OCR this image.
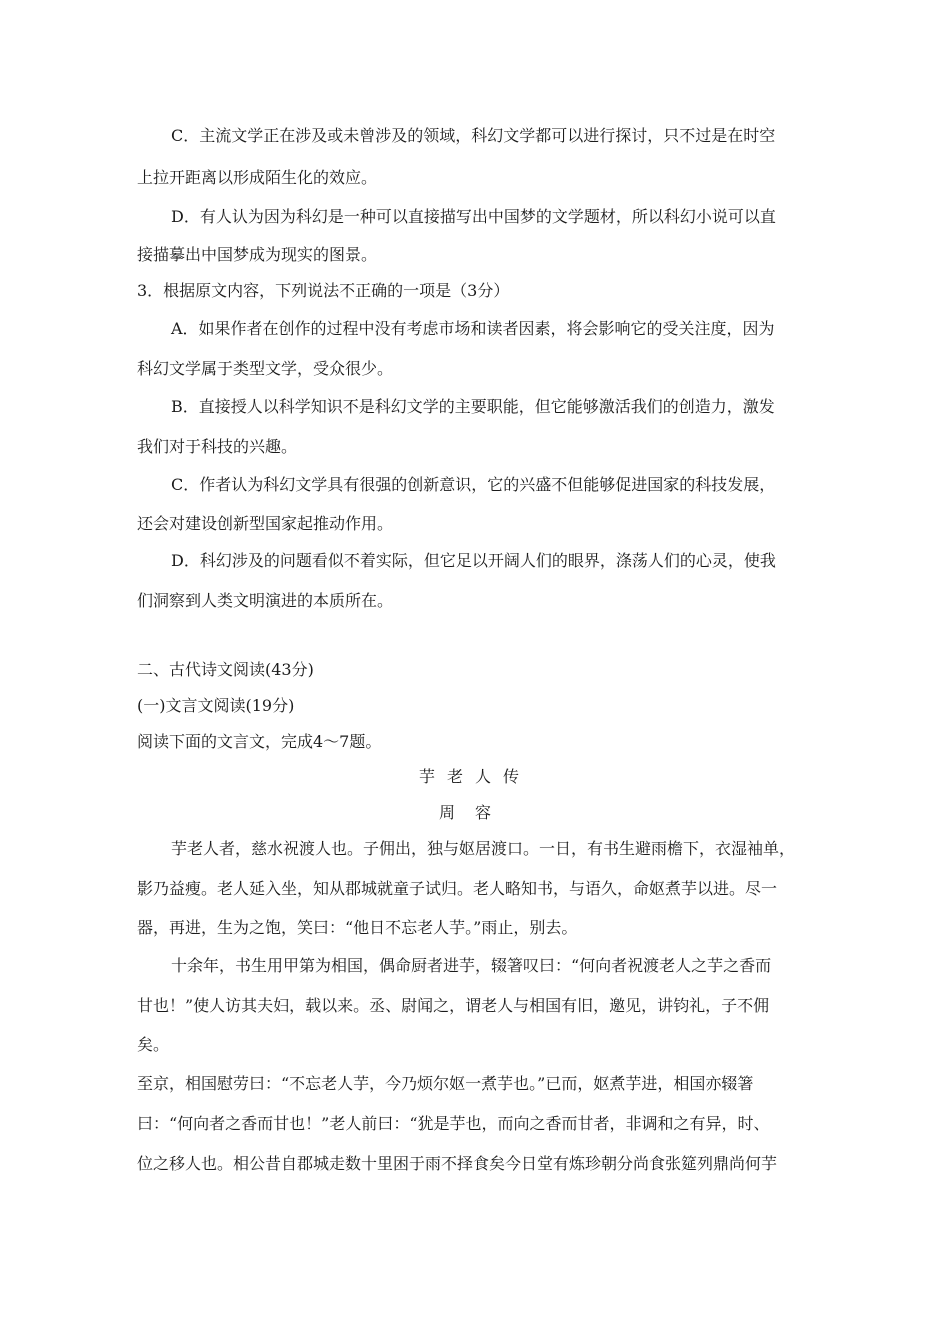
C．主流文学正在涉及或未曾涉及的领域，科幻文学都可以进行探讨，只不过是在时空
上拉开距离以形成陌生化的效应。
D．有人认为因为科幻是一种可以直接描写出中国梦的文学题材，所以科幻小说可以直
接描摹出中国梦成为现实的图景。
3．根据原文内容，下列说法不正确的一项是（3分）
A．如果作者在创作的过程中没有考虑市场和读者因素，将会影响它的受关注度，因为
科幻文学属于类型文学，受众很少。
B．直接授人以科学知识不是科幻文学的主要职能，但它能够激活我们的创造力，激发
我们对于科技的兴趣。
C．作者认为科幻文学具有很强的创新意识，它的兴盛不但能够促进国家的科技发展，
还会对建设创新型国家起推动作用。
D．科幻涉及的问题看似不着实际，但它足以开阔人们的眼界，涤荡人们的心灵，使我
们洞察到人类文明演进的本质所在。
二、古代诗文阅读(43分)
(一)文言文阅读(19分)
阅读下面的文言文，完成4～7题。
芋老人传
周容
芋老人者，慈水祝渡人也。子佣出，独与妪居渡口。一日，有书生避雨檐下，衣湿袖单，
影乃益瘦。老人延入坐，知从郡城就童子试归。老人略知书，与语久，命妪煮芋以进。尽一
器，再进，生为之饱，笑曰：“他日不忘老人芋。”雨止，别去。
十余年，书生用甲第为相国，偶命厨者进芋，辍箸叹曰：“何向者祝渡老人之芋之香而
甘也！”使人访其夫妇，载以来。丞、尉闻之，谓老人与相国有旧，邀见，讲钧礼，子不佣
矣。
至京，相国慰劳曰：“不忘老人芋，今乃烦尔妪一煮芋也。”已而，妪煮芋进，相国亦辍箸
曰：“何向者之香而甘也！”老人前曰：“犹是芋也，而向之香而甘者，非调和之有异，时、
位之移人也。相公昔自郡城走数十里困于雨不择食矣今日堂有炼珍朝分尚食张筵列鼎尚何芋
